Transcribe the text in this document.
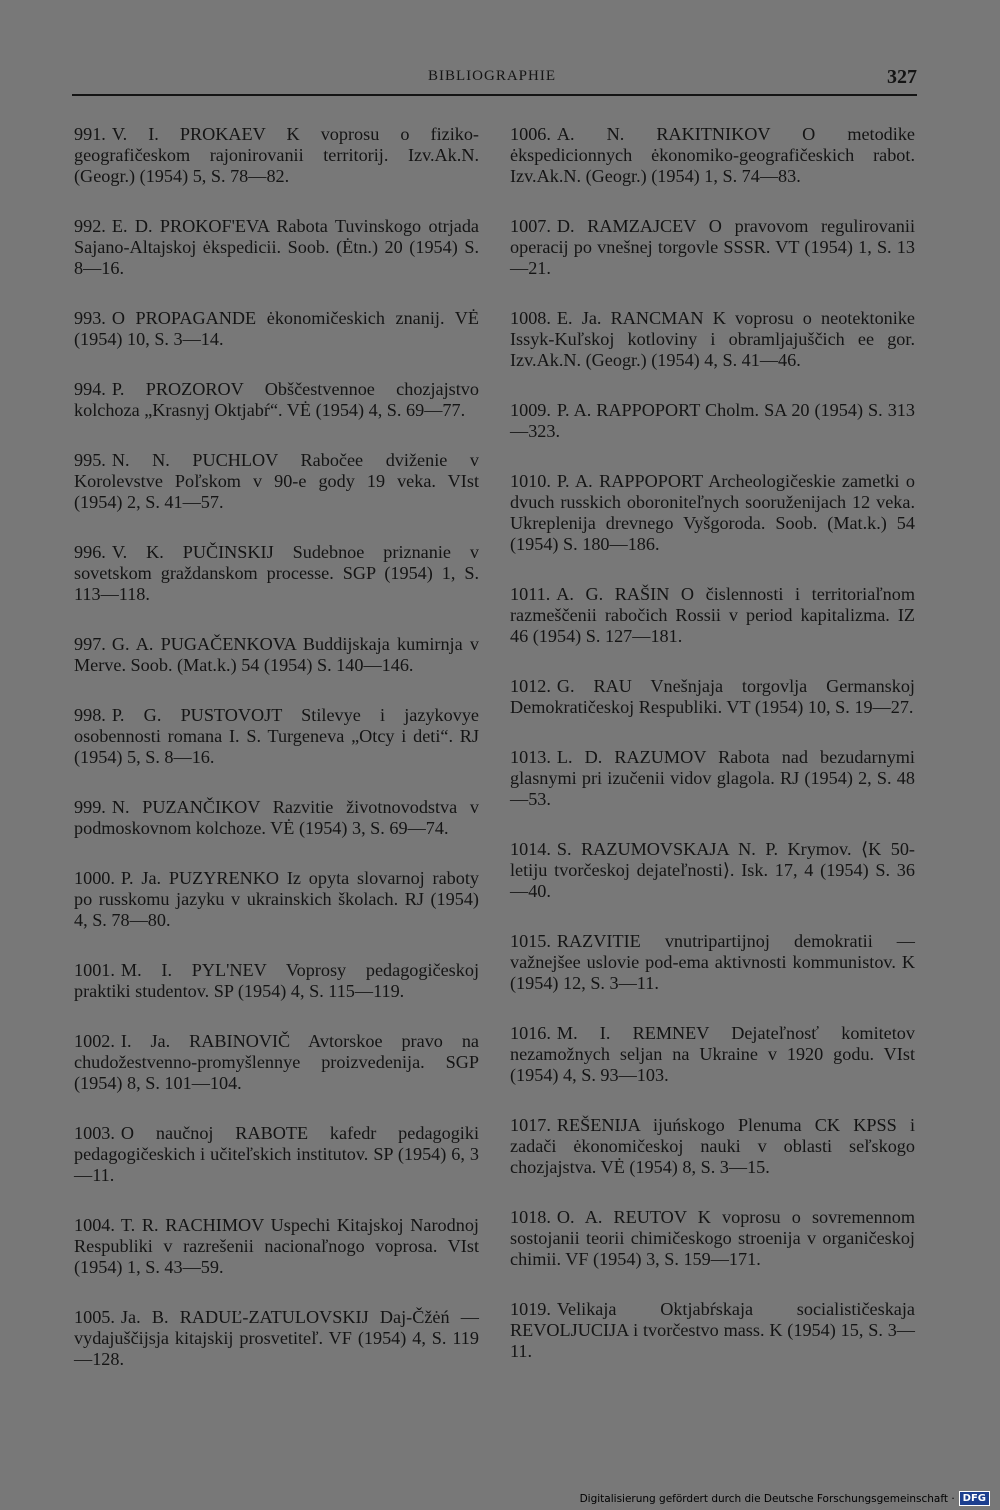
BIBLIOGRAPHIE	327

991. V. I. PROKAEV K voprosu o fiziko-geografičeskom rajonirovanii territorij. Izv.Ak.N. (Geogr.) (1954) 5, S. 78—82.

992. E. D. PROKOF'EVA Rabota Tuvinskogo otrjada Sajano-Altajskoj ėkspedicii. Soob. (Ėtn.) 20 (1954) S. 8—16.

993. O PROPAGANDE ėkonomičeskich znanij. VĖ (1954) 10, S. 3—14.

994. P. PROZOROV Obščestvennoe chozjajstvo kolchoza „Krasnyj Oktjabŕ“. VĖ (1954) 4, S. 69—77.

995. N. N. PUCHLOV Rabočee dviženie v Korolevstve Poľskom v 90-e gody 19 veka. VIst (1954) 2, S. 41—57.

996. V. K. PUČINSKIJ Sudebnoe priznanie v sovetskom graždanskom processe. SGP (1954) 1, S. 113—118.

997. G. A. PUGAČENKOVA Buddijskaja kumirnja v Merve. Soob. (Mat.k.) 54 (1954) S. 140—146.

998. P. G. PUSTOVOJT Stilevye i jazykovye osobennosti romana I. S. Turgeneva „Otcy i deti“. RJ (1954) 5, S. 8—16.

999. N. PUZANČIKOV Razvitie životnovodstva v podmoskovnom kolchoze. VĖ (1954) 3, S. 69—74.

1000. P. Ja. PUZYRENKO Iz opyta slovarnoj raboty po russkomu jazyku v ukrainskich školach. RJ (1954) 4, S. 78—80.

1001. M. I. PYL'NEV Voprosy pedagogičeskoj praktiki studentov. SP (1954) 4, S. 115—119.

1002. I. Ja. RABINOVIČ Avtorskoe pravo na chudožestvenno-promyšlennye proizvedenija. SGP (1954) 8, S. 101—104.

1003. O naučnoj RABOTE kafedr pedagogiki pedagogičeskich i učiteľskich institutov. SP (1954) 6, 3—11.

1004. T. R. RACHIMOV Uspechi Kitajskoj Narodnoj Respubliki v razrešenii nacionaľnogo voprosa. VIst (1954) 1, S. 43—59.

1005. Ja. B. RADUĽ-ZATULOVSKIJ Daj-Čžėń — vydajuščijsja kitajskij prosvetiteľ. VF (1954) 4, S. 119—128.

1006. A. N. RAKITNIKOV O metodike ėkspedicionnych ėkonomiko-geografičeskich rabot. Izv.Ak.N. (Geogr.) (1954) 1, S. 74—83.

1007. D. RAMZAJCEV O pravovom regulirovanii operacij po vnešnej torgovle SSSR. VT (1954) 1, S. 13—21.

1008. E. Ja. RANCMAN K voprosu o neotektonike Issyk-Kuľskoj kotloviny i obramljajuščich ee gor. Izv.Ak.N. (Geogr.) (1954) 4, S. 41—46.

1009. P. A. RAPPOPORT Cholm. SA 20 (1954) S. 313—323.

1010. P. A. RAPPOPORT Archeologičeskie zametki o dvuch russkich oboroniteľnych sooruženijach 12 veka. Ukreplenija drevnego Vyšgoroda. Soob. (Mat.k.) 54 (1954) S. 180—186.

1011. A. G. RAŠIN O čislennosti i territoriaľnom razmeščenii rabočich Rossii v period kapitalizma. IZ 46 (1954) S. 127—181.

1012. G. RAU Vnešnjaja torgovlja Germanskoj Demokratičeskoj Respubliki. VT (1954) 10, S. 19—27.

1013. L. D. RAZUMOV Rabota nad bezudarnymi glasnymi pri izučenii vidov glagola. RJ (1954) 2, S. 48—53.

1014. S. RAZUMOVSKAJA N. P. Krymov. ⟨K 50-letiju tvorčeskoj dejateľnosti⟩. Isk. 17, 4 (1954) S. 36—40.

1015. RAZVITIE vnutripartijnoj demokratii — važnejšee uslovie pod-ema aktivnosti kommunistov. K (1954) 12, S. 3—11.

1016. M. I. REMNEV Dejateľnosť komitetov nezamožnych seljan na Ukraine v 1920 godu. VIst (1954) 4, S. 93—103.

1017. REŠENIJA ijuńskogo Plenuma CK KPSS i zadači ėkonomičeskoj nauki v oblasti seľskogo chozjajstva. VĖ (1954) 8, S. 3—15.

1018. O. A. REUTOV K voprosu o sovremennom sostojanii teorii chimičeskogo stroenija v organičeskoj chimii. VF (1954) 3, S. 159—171.

1019. Velikaja Oktjabŕskaja socialističeskaja REVOLJUCIJA i tvorčestvo mass. K (1954) 15, S. 3—11.

Digitalisierung gefördert durch die Deutsche Forschungsgemeinschaft · DFG
